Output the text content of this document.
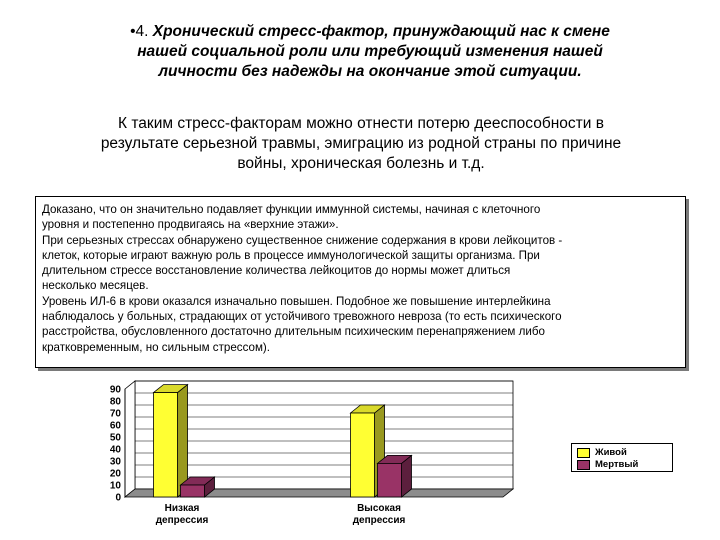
•4. Хронический стресс-фактор, принуждающий нас к смене
нашей социальной роли или требующий изменения нашей
личности без надежды на окончание этой ситуации.
К таким стресс-факторам можно отнести потерю дееспособности в
результате серьезной травмы, эмиграцию из родной страны по причине
войны, хроническая болезнь и т.д.

Доказано, что он значительно подавляет функции иммунной системы, начиная с клеточного

уровня и постепенно продвигаясь на «верхние этажи».

При серьезных стрессах обнаружено существенное снижение содержания в крови лейкоцитов -

клеток, которые играют важную роль в процессе иммунологической защиты организма. При

длительном стрессе восстановление количества лейкоцитов до нормы может длиться

несколько месяцев.

Уровень ИЛ-6 в крови оказался изначально повышен. Подобное же повышение интерлейкина

наблюдалось у больных, страдающих от устойчивого тревожного невроза (то есть психического

расстройства, обусловленного достаточно длительным психическим перенапряжением либо

кратковременным, но сильным стрессом).

0
10
20
30
40
50
60
70
80
90
Низкая
депрессия
Высокая
депрессия
Живой
Мертвый
